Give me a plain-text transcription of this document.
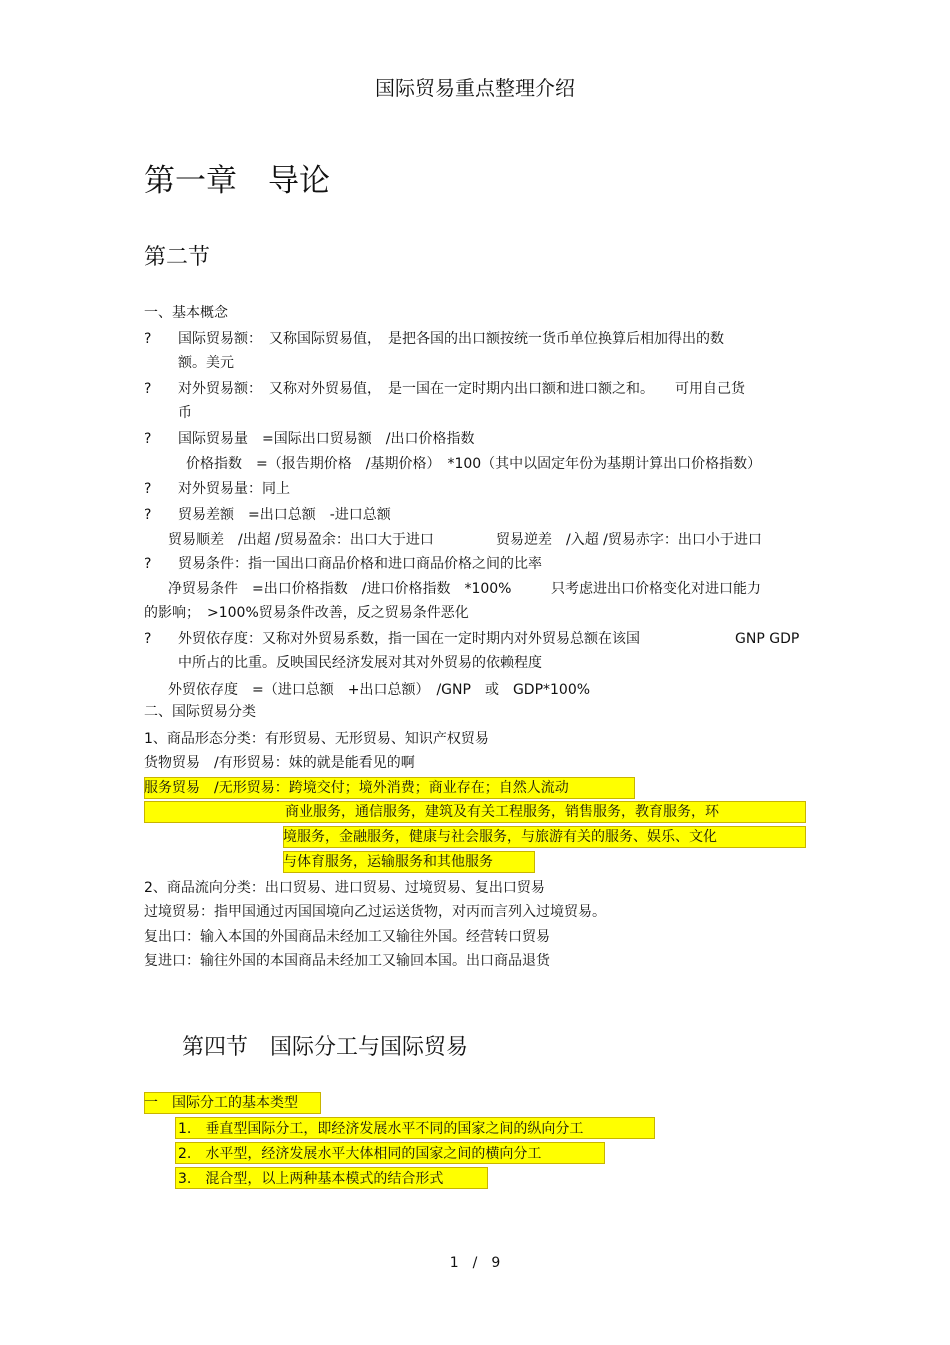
国际贸易重点整理介绍
第一章　导论
第二节
一、基本概念
? 国际贸易额：　又称国际贸易值，　是把各国的出口额按统一货币单位换算后相加得出的数
额。美元
? 对外贸易额：　又称对外贸易值，　是一国在一定时期内出口额和进口额之和。　　可用自己货
币
? 国际贸易量　=国际出口贸易额　/出口价格指数
价格指数　=（报告期价格　/基期价格）　*100（其中以固定年份为基期计算出口价格指数）
? 对外贸易量：同上
? 贸易差额　=出口总额　-进口总额
贸易顺差　/出超 /贸易盈余：出口大于进口	贸易逆差　/入超 /贸易赤字：出口小于进口
? 贸易条件：指一国出口商品价格和进口商品价格之间的比率
净贸易条件　=出口价格指数　/进口价格指数　*100%	只考虑进出口价格变化对进口能力
的影响；　>100%贸易条件改善，反之贸易条件恶化
? 外贸依存度：又称对外贸易系数，指一国在一定时期内对外贸易总额在该国	GNP GDP
中所占的比重。反映国民经济发展对其对外贸易的依赖程度
外贸依存度　=（进口总额　+出口总额）　/GNP　或　GDP*100%
二、国际贸易分类
1、商品形态分类：有形贸易、无形贸易、知识产权贸易
货物贸易　/有形贸易：妹的就是能看见的啊
服务贸易　/无形贸易：跨境交付；境外消费；商业存在；自然人流动
商业服务，通信服务，建筑及有关工程服务，销售服务，教育服务，环
境服务，金融服务，健康与社会服务，与旅游有关的服务、娱乐、文化
与体育服务，运输服务和其他服务
2、商品流向分类：出口贸易、进口贸易、过境贸易、复出口贸易
过境贸易：指甲国通过丙国国境向乙过运送货物，对丙而言列入过境贸易。
复出口：输入本国的外国商品未经加工又输往外国。经营转口贸易
复进口：输往外国的本国商品未经加工又输回本国。出口商品退货
第四节　国际分工与国际贸易
一　国际分工的基本类型
1.　垂直型国际分工，即经济发展水平不同的国家之间的纵向分工
2.　水平型，经济发展水平大体相同的国家之间的横向分工
3.　混合型，以上两种基本模式的结合形式
1　/　9
